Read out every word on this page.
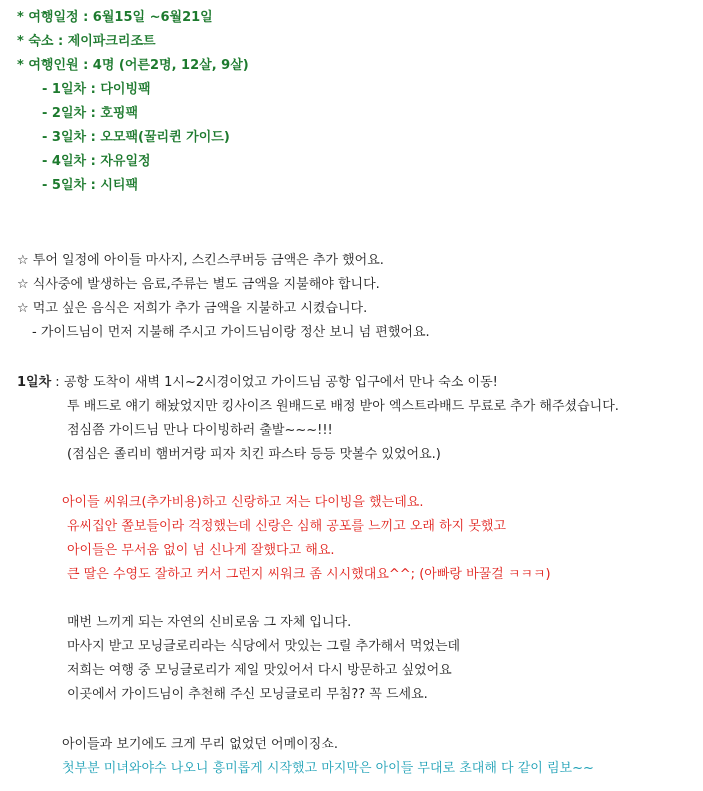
* 여행일정 : 6월15일 ~6월21일
* 숙소 : 제이파크리조트
* 여행인원 : 4명 (어른2명, 12살, 9살)
- 1일차 : 다이빙팩
- 2일차 : 호핑팩
- 3일차 : 오모팩(꿀리퀸 가이드)
- 4일차 : 자유일정
- 5일차 : 시티팩
☆ 투어 일정에 아이들 마사지, 스킨스쿠버등 금액은 추가 했어요.
☆ 식사중에 발생하는 음료,주류는 별도 금액을 지불해야 합니다.
☆ 먹고 싶은 음식은 저희가 추가 금액을 지불하고 시켰습니다.
- 가이드님이 먼저 지불해 주시고 가이드님이랑 정산 보니 넘 편했어요.
1일차 : 공항 도착이 새벽 1시~2시경이었고 가이드님 공항 입구에서 만나 숙소 이동!
투 배드로 얘기 해놨었지만 킹사이즈 원배드로 배정 받아 엑스트라배드 무료로 추가 해주셨습니다.
점심쯤 가이드님 만나 다이빙하러 출발~~~!!!
(점심은 졸리비 햄버거랑 피자 치킨 파스타 등등 맛볼수 있었어요.)
아이들 씨워크(추가비용)하고 신랑하고 저는 다이빙을 했는데요.
유씨집안 쫄보들이라 걱정했는데 신랑은 심해 공포를 느끼고 오래 하지 못했고
아이들은 무서움 없이 넘 신나게 잘했다고 해요.
큰 딸은 수영도 잘하고 커서 그런지 씨워크 좀 시시했대요^^; (아빠랑 바꿀걸 ㅋㅋㅋ)
매번 느끼게 되는 자연의 신비로움 그 자체 입니다.
마사지 받고 모닝글로리라는 식당에서 맛있는 그릴 추가해서 먹었는데
저희는 여행 중 모닝글로리가 제일 맛있어서 다시 방문하고 싶었어요
이곳에서 가이드님이 추천해 주신 모닝글로리 무침?? 꼭 드세요.
아이들과 보기에도 크게 무리 없었던 어메이징쇼.
첫부분 미녀와야수 나오니 흥미롭게 시작했고 마지막은 아이들 무대로 초대해 다 같이 림보~~
